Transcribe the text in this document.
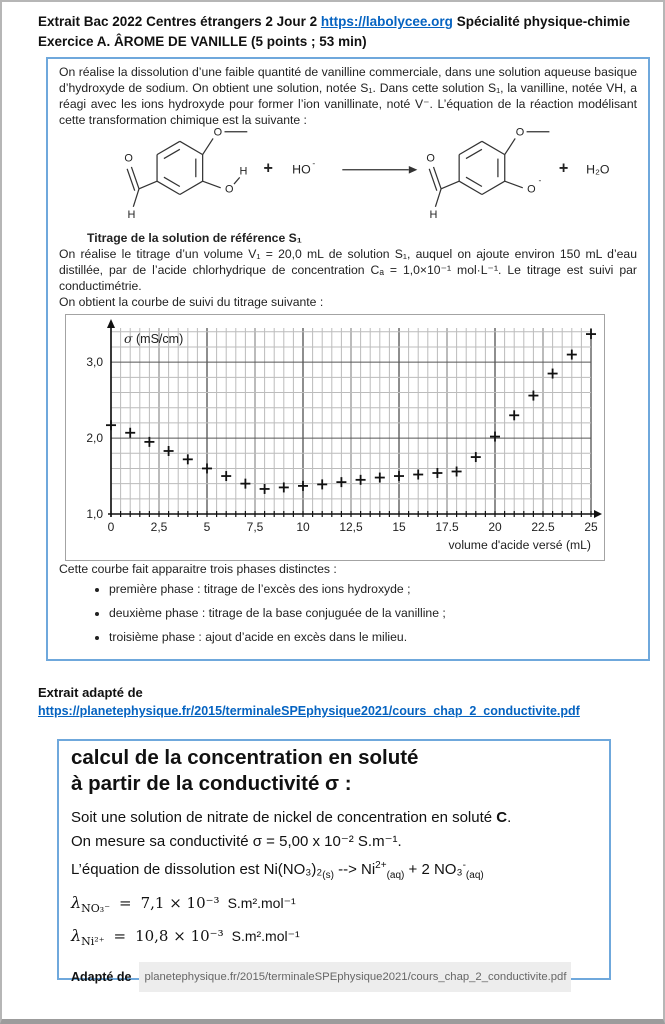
Extrait Bac 2022 Centres étrangers 2 Jour 2 https://labolycee.org Spécialité physique-chimie
Exercice A. ÂROME DE VANILLE (5 points ; 53 min)

On réalise la dissolution d’une faible quantité de vanilline commerciale, dans une solution aqueuse basique d’hydroxyde de sodium. On obtient une solution, notée S₁. Dans cette solution S₁, la vanilline, notée VH, a réagi avec les ions hydroxyde pour former l’ion vanillinate, noté V⁻. L’équation de la réaction modélisant cette transformation chimique est la suivante :

O
O
H
O
H
+ HO -
O
O
-
O
H
+ H₂O
Titrage de la solution de référence S₁

On réalise le titrage d’un volume V₁ = 20,0 mL de solution S₁, auquel on ajoute environ 150 mL d’eau distillée, par de l’acide chlorhydrique de concentration Cₐ = 1,0×10⁻¹ mol·L⁻¹. Le titrage est suivi par conductimétrie.

On obtient la courbe de suivi du titrage suivante :

1,0
2,0
3,0
0	2,5	5	7,5	10 12,5 15 17.5 20 22.5 25
σ (mS/cm)
volume d'acide versé (mL)

Cette courbe fait apparaitre trois phases distinctes :

• première phase : titrage de l’excès des ions hydroxyde ;
• deuxième phase : titrage de la base conjuguée de la vanilline ;
• troisième phase : ajout d’acide en excès dans le milieu.
Extrait adapté de
https://planetephysique.fr/2015/terminaleSPEphysique2021/cours_chap_2_conductivite.pdf
calcul de la concentration en soluté
à partir de la conductivité σ :
Soit une solution de nitrate de nickel de concentration en soluté C.
On mesure sa conductivité σ = 5,00 x 10⁻² S.m⁻¹.
L’équation de dissolution est $Ni(NO_3)_2_{(s)}$ --> $Ni^{2+}_{(aq)} + 2$ $NO_3^-_{(aq)}$
$\lambda_{NO_3^-} = 7,1 \times 10^{-3}$ S.m².mol⁻¹
$\lambda_{Ni^{2+}} = 10,8 \times 10^{-3}$ S.m².mol⁻¹
Adapté de	planetephysique.fr/2015/terminaleSPEphysique2021/cours_chap_2_conductivite.pdf
